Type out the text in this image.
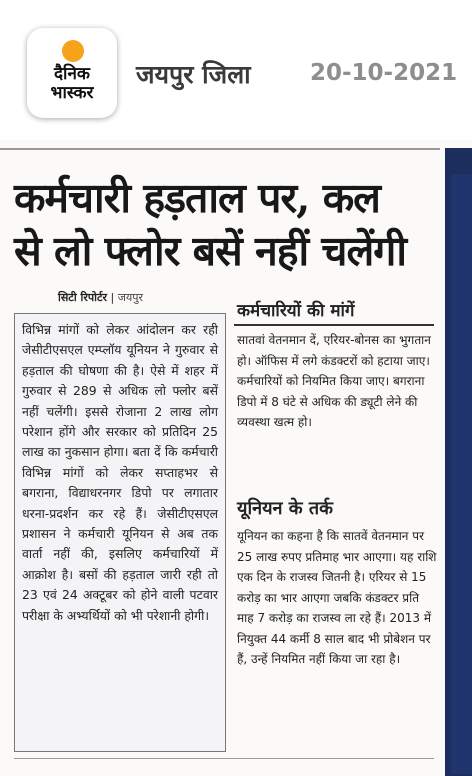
दैनिक
भास्कर
जयपुर जिला	20-10-2021
कर्मचारी हड़ताल पर, कल
से लो फ्लोर बसें नहीं चलेंगी
सिटी रिपोर्टर | जयपुर

विभिन्न मांगों को लेकर आंदोलन कर रही जेसीटीएसएल एम्प्लॉय यूनियन ने गुरुवार से हड़ताल की घोषणा की है। ऐसे में शहर में गुरुवार से 289 से अधिक लो फ्लोर बसें नहीं चलेंगी। इससे रोजाना 2 लाख लोग परेशान होंगे और सरकार को प्रतिदिन 25 लाख का नुकसान होगा। बता दें कि कर्मचारी विभिन्न मांगों को लेकर सप्ताहभर से बगराना, विद्याधरनगर डिपो पर लगातार धरना-प्रदर्शन कर रहे हैं। जेसीटीएसएल प्रशासन ने कर्मचारी यूनियन से अब तक वार्ता नहीं की, इसलिए कर्मचारियों में आक्रोश है। बसों की हड़ताल जारी रही तो 23 एवं 24 अक्टूबर को होने वाली पटवार परीक्षा के अभ्यर्थियों को भी परेशानी होगी।

कर्मचारियों की मांगें

सातवां वेतनमान दें, एरियर-बोनस का भुगतान हो। ऑफिस में लगे कंडक्टरों को हटाया जाए। कर्मचारियों को नियमित किया जाए। बगराना डिपो में 8 घंटे से अधिक की ड्यूटी लेने की व्यवस्था खत्म हो।

यूनियन के तर्क

यूनियन का कहना है कि सातवें वेतनमान पर 25 लाख रुपए प्रतिमाह भार आएगा। यह राशि एक दिन के राजस्व जितनी है। एरियर से 15 करोड़ का भार आएगा जबकि कंडक्टर प्रति माह 7 करोड़ का राजस्व ला रहे हैं। 2013 में नियुक्त 44 कर्मी 8 साल बाद भी प्रोबेशन पर हैं, उन्हें नियमित नहीं किया जा रहा है।
